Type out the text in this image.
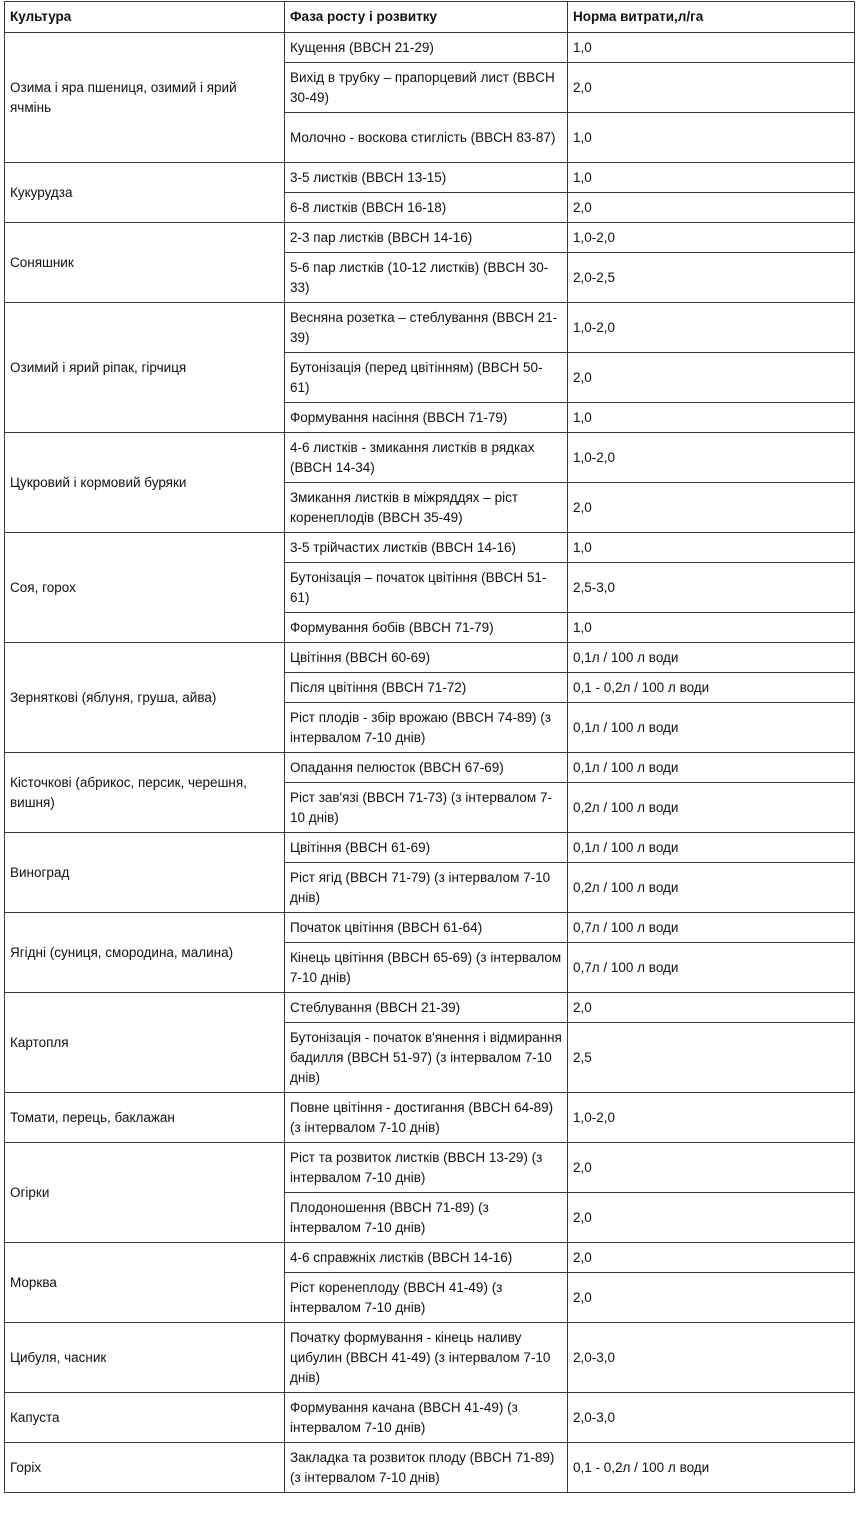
Культура	Фаза росту і розвитку	Норма витрати,л/га
Озима і яра пшениця, озимий і ярий ячмінь	Кущення (BBCH 21-29)	1,0
	Вихід в трубку – прапорцевий лист (BBCH 30-49)	2,0
	Молочно - воскова стиглість (BBCH 83-87)	1,0
Кукурудза	3-5 листків (BBCH 13-15)	1,0
	6-8 листків (BBCH 16-18)	2,0
Соняшник	2-3 пар листків (BBCH 14-16)	1,0-2,0
	5-6 пар листків (10-12 листків) (BBCH 30-33)	2,0-2,5
Озимий і ярий ріпак, гірчиця	Весняна розетка – стеблування (BBCH 21-39)	1,0-2,0
	Бутонізація (перед цвітінням) (BBCH 50-61)	2,0
	Формування насіння (BBCH 71-79)	1,0
Цукровий і кормовий буряки	4-6 листків - змикання листків в рядках (BBCH 14-34)	1,0-2,0
	Змикання листків в міжряддях – ріст коренеплодів (BBCH 35-49)	2,0
Соя, горох	3-5 трійчастих листків (BBCH 14-16)	1,0
	Бутонізація – початок цвітіння (BBCH 51-61)	2,5-3,0
	Формування бобів (BBCH 71-79)	1,0
Зерняткові (яблуня, груша, айва)	Цвітіння (BBCH 60-69)	0,1л / 100 л води
	Після цвітіння (BBCH 71-72)	0,1 - 0,2л / 100 л води
	Ріст плодів - збір врожаю (BBCH 74-89) (з інтервалом 7-10 днів)	0,1л / 100 л води
Кісточкові (абрикос, персик, черешня, вишня)	Опадання пелюсток (BBCH 67-69)	0,1л / 100 л води
	Ріст зав'язі (BBCH 71-73) (з інтервалом 7-10 днів)	0,2л / 100 л води
Виноград	Цвітіння (BBCH 61-69)	0,1л / 100 л води
	Ріст ягід (BBCH 71-79) (з інтервалом 7-10 днів)	0,2л / 100 л води
Ягідні (суниця, смородина, малина)	Початок цвітіння (BBCH 61-64)	0,7л / 100 л води
	Кінець цвітіння (BBCH 65-69) (з інтервалом 7-10 днів)	0,7л / 100 л води
Картопля	Стеблування (BBCH 21-39)	2,0
	Бутонізація - початок в'янення і відмирання бадилля (BBCH 51-97) (з інтервалом 7-10 днів)	2,5
Томати, перець, баклажан	Повне цвітіння - достигання (BBCH 64-89) (з інтервалом 7-10 днів)	1,0-2,0
Огірки	Ріст та розвиток листків (BBCH 13-29) (з інтервалом 7-10 днів)	2,0
	Плодоношення (BBCH 71-89) (з інтервалом 7-10 днів)	2,0
Морква	4-6 справжніх листків (BBCH 14-16)	2,0
	Ріст коренеплоду (BBCH 41-49) (з інтервалом 7-10 днів)	2,0
Цибуля, часник	Початку формування - кінець наливу цибулин (BBCH 41-49) (з інтервалом 7-10 днів)	2,0-3,0
Капуста	Формування качана (BBCH 41-49) (з інтервалом 7-10 днів)	2,0-3,0
Горіх	Закладка та розвиток плоду (BBCH 71-89) (з інтервалом 7-10 днів)	0,1 - 0,2л / 100 л води
